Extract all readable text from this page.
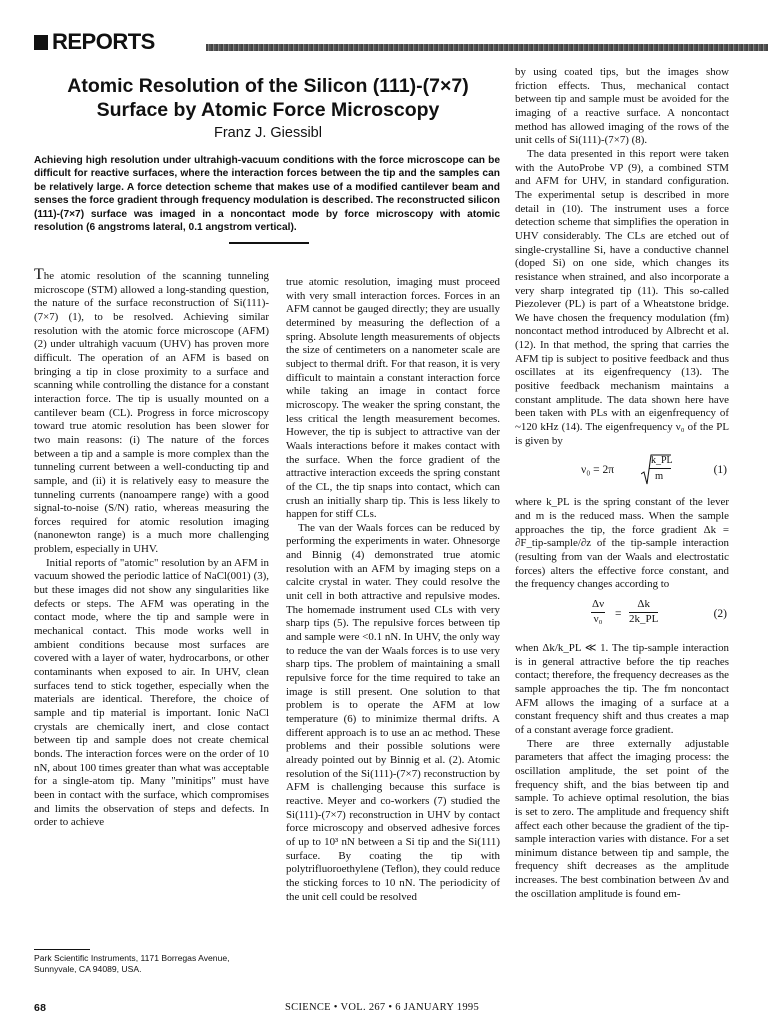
REPORTS
Atomic Resolution of the Silicon (111)-(7×7)
Surface by Atomic Force Microscopy
Franz J. Giessibl
Achieving high resolution under ultrahigh-vacuum conditions with the force microscope can be difficult for reactive surfaces, where the interaction forces between the tip and the samples can be relatively large. A force detection scheme that makes use of a modified cantilever beam and senses the force gradient through frequency modulation is described. The reconstructed silicon (111)-(7×7) surface was imaged in a noncontact mode by force microscopy with atomic resolution (6 angstroms lateral, 0.1 angstrom vertical).

The atomic resolution of the scanning tunneling microscope (STM) allowed a long-standing question, the nature of the surface reconstruction of Si(111)-(7×7) (1), to be resolved. Achieving similar resolution with the atomic force microscope (AFM) (2) under ultrahigh vacuum (UHV) has proven more difficult. The operation of an AFM is based on bringing a tip in close proximity to a surface and scanning while controlling the distance for a constant interaction force. The tip is usually mounted on a cantilever beam (CL). Progress in force microscopy toward true atomic resolution has been slower for two main reasons: (i) The nature of the forces between a tip and a sample is more complex than the tunneling current between a well-conducting tip and sample, and (ii) it is relatively easy to measure the tunneling currents (nanoampere range) with a good signal-to-noise (S/N) ratio, whereas measuring the forces required for atomic resolution imaging (nanonewton range) is a much more challenging problem, especially in UHV.

Initial reports of "atomic" resolution by an AFM in vacuum showed the periodic lattice of NaCl(001) (3), but these images did not show any singularities like defects or steps. The AFM was operating in the contact mode, where the tip and sample were in mechanical contact. This mode works well in ambient conditions because most surfaces are covered with a layer of water, hydrocarbons, or other contaminants when exposed to air. In UHV, clean surfaces tend to stick together, especially when the materials are identical. Therefore, the choice of sample and tip material is important. Ionic NaCl crystals are chemically inert, and close contact between tip and sample does not create chemical bonds. The interaction forces were on the order of 10 nN, about 100 times greater than what was acceptable for a single-atom tip. Many "minitips" must have been in contact with the surface, which compromises and limits the observation of steps and defects. In order to achieve

true atomic resolution, imaging must proceed with very small interaction forces. Forces in an AFM cannot be gauged directly; they are usually determined by measuring the deflection of a spring. Absolute length measurements of objects the size of centimeters on a nanometer scale are subject to thermal drift. For that reason, it is very difficult to maintain a constant interaction force while taking an image in contact force microscopy. The weaker the spring constant, the less critical the length measurement becomes. However, the tip is subject to attractive van der Waals interactions before it makes contact with the surface. When the force gradient of the attractive interaction exceeds the spring constant of the CL, the tip snaps into contact, which can crush an initially sharp tip. This is less likely to happen for stiff CLs.

The van der Waals forces can be reduced by performing the experiments in water. Ohnesorge and Binnig (4) demonstrated true atomic resolution with an AFM by imaging steps on a calcite crystal in water. They could resolve the unit cell in both attractive and repulsive modes. The homemade instrument used CLs with very sharp tips (5). The repulsive forces between tip and sample were <0.1 nN. In UHV, the only way to reduce the van der Waals forces is to use very sharp tips. The problem of maintaining a small repulsive force for the time required to take an image is still present. One solution to that problem is to operate the AFM at low temperature (6) to minimize thermal drifts. A different approach is to use an ac method. These problems and their possible solutions were already pointed out by Binnig et al. (2). Atomic resolution of the Si(111)-(7×7) reconstruction by AFM is challenging because this surface is reactive. Meyer and co-workers (7) studied the Si(111)-(7×7) reconstruction in UHV by contact force microscopy and observed adhesive forces of up to 10³ nN between a Si tip and the Si(111) surface. By coating the tip with polytrifluoroethylene (Teflon), they could reduce the sticking forces to 10 nN. The periodicity of the unit cell could be resolved

by using coated tips, but the images show friction effects. Thus, mechanical contact between tip and sample must be avoided for the imaging of a reactive surface. A noncontact method has allowed imaging of the rows of the unit cells of Si(111)-(7×7) (8).

The data presented in this report were taken with the AutoProbe VP (9), a combined STM and AFM for UHV, in standard configuration. The experimental setup is described in more detail in (10). The instrument uses a force detection scheme that simplifies the operation in UHV considerably. The CLs are etched out of single-crystalline Si, have a conductive channel (doped Si) on one side, which changes its resistance when strained, and also incorporate a very sharp integrated tip (11). This so-called Piezolever (PL) is part of a Wheatstone bridge. We have chosen the frequency modulation (fm) noncontact method introduced by Albrecht et al. (12). In that method, the spring that carries the AFM tip is subject to positive feedback and thus oscillates at its eigenfrequency (13). The positive feedback mechanism maintains a constant amplitude. The data shown here have been taken with PLs with an eigenfrequency of ~120 kHz (14). The eigenfrequency ν₀ of the PL is given by

ν₀ = 2π
k_PL
m
(1)

where k_PL is the spring constant of the lever and m is the reduced mass. When the sample approaches the tip, the force gradient Δk = ∂F_tip-sample/∂z of the tip-sample interaction (resulting from van der Waals and electrostatic forces) alters the effective force constant, and the frequency changes according to

$\frac{\Delta\nu}{\text{ν₀}} = \frac{\Delta k}{2k\_PL}$	(2)

when Δk/k_PL ≪ 1. The tip-sample interaction is in general attractive before the tip reaches contact; therefore, the frequency decreases as the sample approaches the tip. The fm noncontact AFM allows the imaging of a surface at a constant frequency shift and thus creates a map of a constant average force gradient.

There are three externally adjustable parameters that affect the imaging process: the oscillation amplitude, the set point of the frequency shift, and the bias between tip and sample. To achieve optimal resolution, the bias is set to zero. The amplitude and frequency shift affect each other because the gradient of the tip-sample interaction varies with distance. For a set minimum distance between tip and sample, the frequency shift decreases as the amplitude increases. The best combination between Δν and the oscillation amplitude is found em-

Park Scientific Instruments, 1171 Borregas Avenue, Sunnyvale, CA 94089, USA.
68	SCIENCE • VOL. 267 • 6 JANUARY 1995
